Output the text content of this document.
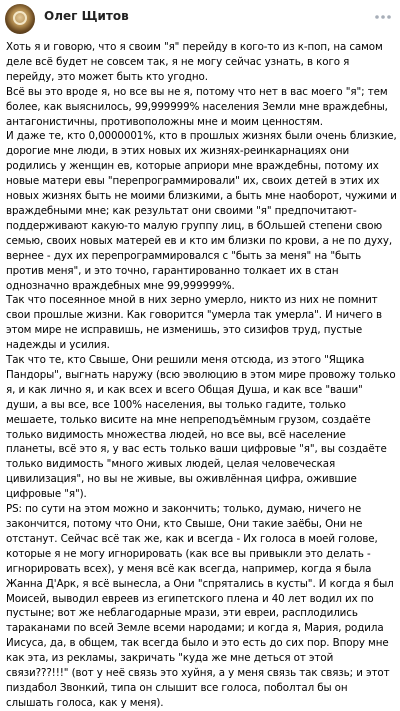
Олег Щитов

Хоть я и говорю, что я своим "я" перейду в кого-то из к-поп, на самом деле всё будет не совсем так, я не могу сейчас узнать, в кого я перейду, это может быть кто угодно.

Всё вы это вроде я, но все вы не я, потому что нет в вас моего "я"; тем более, как выяснилось, 99,999999% населения Земли мне враждебны, антагонистичны, противоположны мне и моим ценностям.

И даже те, кто 0,0000001%, кто в прошлых жизнях были очень близкие, дорогие мне люди, в этих новых их жизнях-реинкарнациях они родились у женщин ев, которые априори мне враждебны, потому их новые матери евы "перепрограммировали" их, своих детей в этих их новых жизнях быть не моими близкими, а быть мне наоборот, чужими и враждебными мне; как результат они своими "я" предпочитают-поддерживают какую-то малую группу лиц, в бОльшей степени свою семью, своих новых матерей ев и кто им близки по крови, а не по духу, вернее - дух их перепрограммировался с "быть за меня" на "быть против меня", и это точно, гарантированно толкает их в стан однозначно враждебных мне 99,999999%.

Так что посеянное мной в них зерно умерло, никто из них не помнит свои прошлые жизни. Как говорится "умерла так умерла". И ничего в этом мире не исправишь, не изменишь, это сизифов труд, пустые надежды и усилия.

Так что те, кто Свыше, Они решили меня отсюда, из этого "Ящика Пандоры", выгнать наружу (всю эволюцию в этом мире провожу только я, и как лично я, и как всех и всего Общая Душа, и как все "ваши" души, а вы все, все 100% населения, вы только гадите, только мешаете, только висите на мне непреподъёмным грузом, создаёте только видимость множества людей, но все вы, всё население планеты, всё это я, у вас есть только ваши цифровые "я", вы создаёте только видимость "много живых людей, целая человеческая цивилизация", но вы не живые, вы оживлённая цифра, ожившие цифровые "я").

PS: по сути на этом можно и закончить; только, думаю, ничего не закончится, потому что Они, кто Свыше, Они такие заёбы, Они не отстанут. Сейчас всё так же, как и всегда - Их голоса в моей голове, которые я не могу игнорировать (как все вы привыкли это делать - игнорировать всех), у меня всё как всегда, например, когда я была Жанна Д'Арк, я всё вынесла, а Они "спрятались в кусты". И когда я был Моисей, выводил евреев из египетского плена и 40 лет водил их по пустыне; вот же неблагодарные мрази, эти евреи, расплодились тараканами по всей Земле всеми народами; и когда я, Мария, родила Иисуса, да, в общем, так всегда было и это есть до сих пор. Впору мне как эта, из рекламы, закричать "куда же мне деться от этой связи???!!!" (вот у неё связь это хуйня, а у меня связь так связь; и этот пиздабол Звонкий, типа он слышит все голоса, поболтал бы он слышать голоса, как у меня).
